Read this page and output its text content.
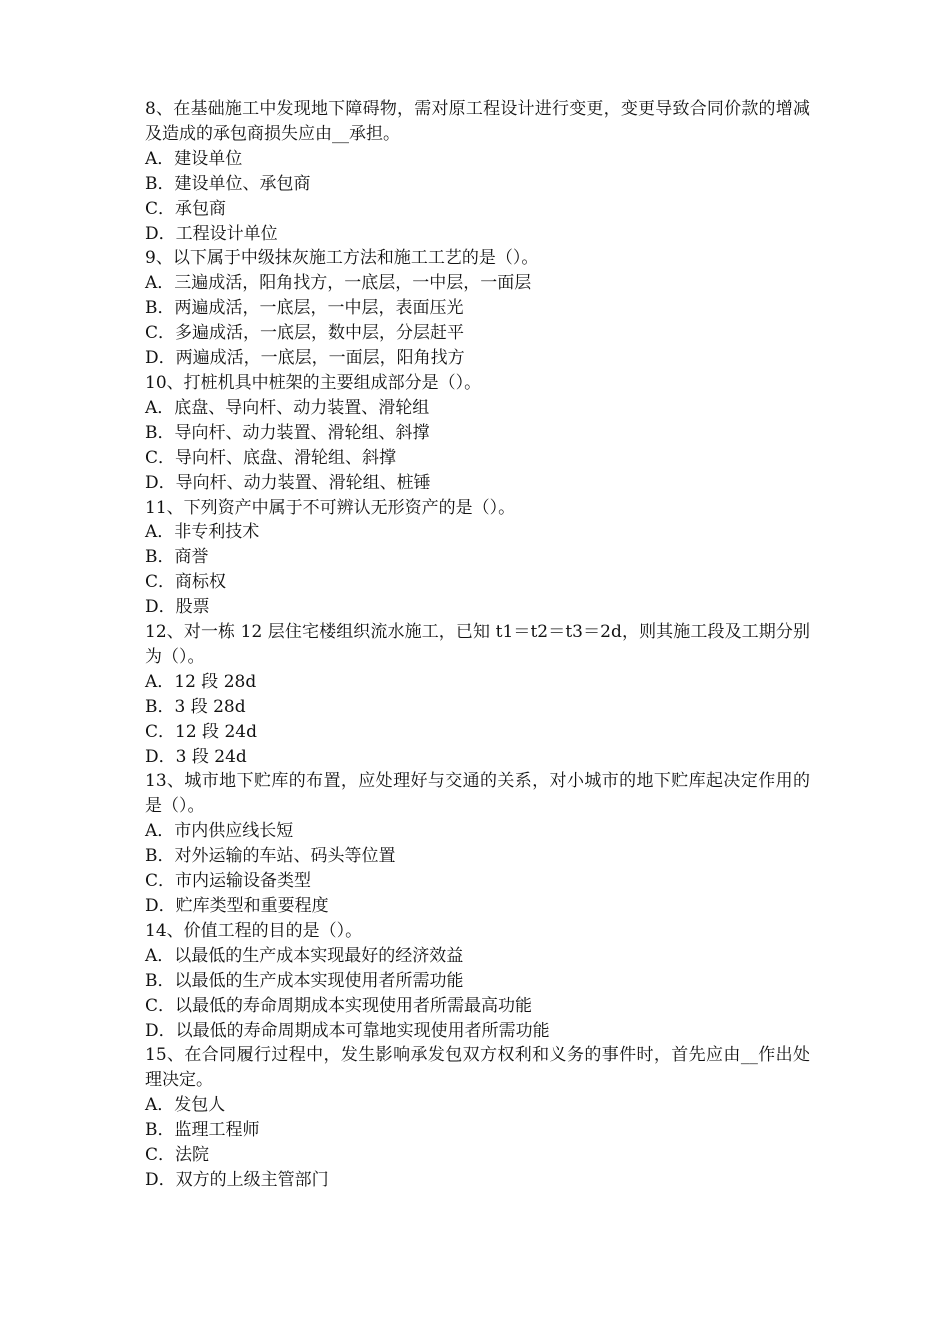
8、在基础施工中发现地下障碍物，需对原工程设计进行变更，变更导致合同价款的增减及造成的承包商损失应由__承担。

A．建设单位

B．建设单位、承包商

C．承包商

D．工程设计单位

9、以下属于中级抹灰施工方法和施工工艺的是（）。

A．三遍成活，阳角找方，一底层，一中层，一面层

B．两遍成活，一底层，一中层，表面压光

C．多遍成活，一底层，数中层，分层赶平

D．两遍成活，一底层，一面层，阳角找方

10、打桩机具中桩架的主要组成部分是（）。

A．底盘、导向杆、动力装置、滑轮组

B．导向杆、动力装置、滑轮组、斜撑

C．导向杆、底盘、滑轮组、斜撑

D．导向杆、动力装置、滑轮组、桩锤

11、下列资产中属于不可辨认无形资产的是（）。

A．非专利技术

B．商誉

C．商标权

D．股票

12、对一栋 12 层住宅楼组织流水施工，已知 t1＝t2＝t3＝2d，则其施工段及工期分别为（）。

A．12 段 28d

B．3 段 28d

C．12 段 24d

D．3 段 24d

13、城市地下贮库的布置，应处理好与交通的关系，对小城市的地下贮库起决定作用的是（）。

A．市内供应线长短

B．对外运输的车站、码头等位置

C．市内运输设备类型

D．贮库类型和重要程度

14、价值工程的目的是（）。

A．以最低的生产成本实现最好的经济效益

B．以最低的生产成本实现使用者所需功能

C．以最低的寿命周期成本实现使用者所需最高功能

D．以最低的寿命周期成本可靠地实现使用者所需功能

15、在合同履行过程中，发生影响承发包双方权利和义务的事件时，首先应由__作出处理决定。

A．发包人

B．监理工程师

C．法院

D．双方的上级主管部门
